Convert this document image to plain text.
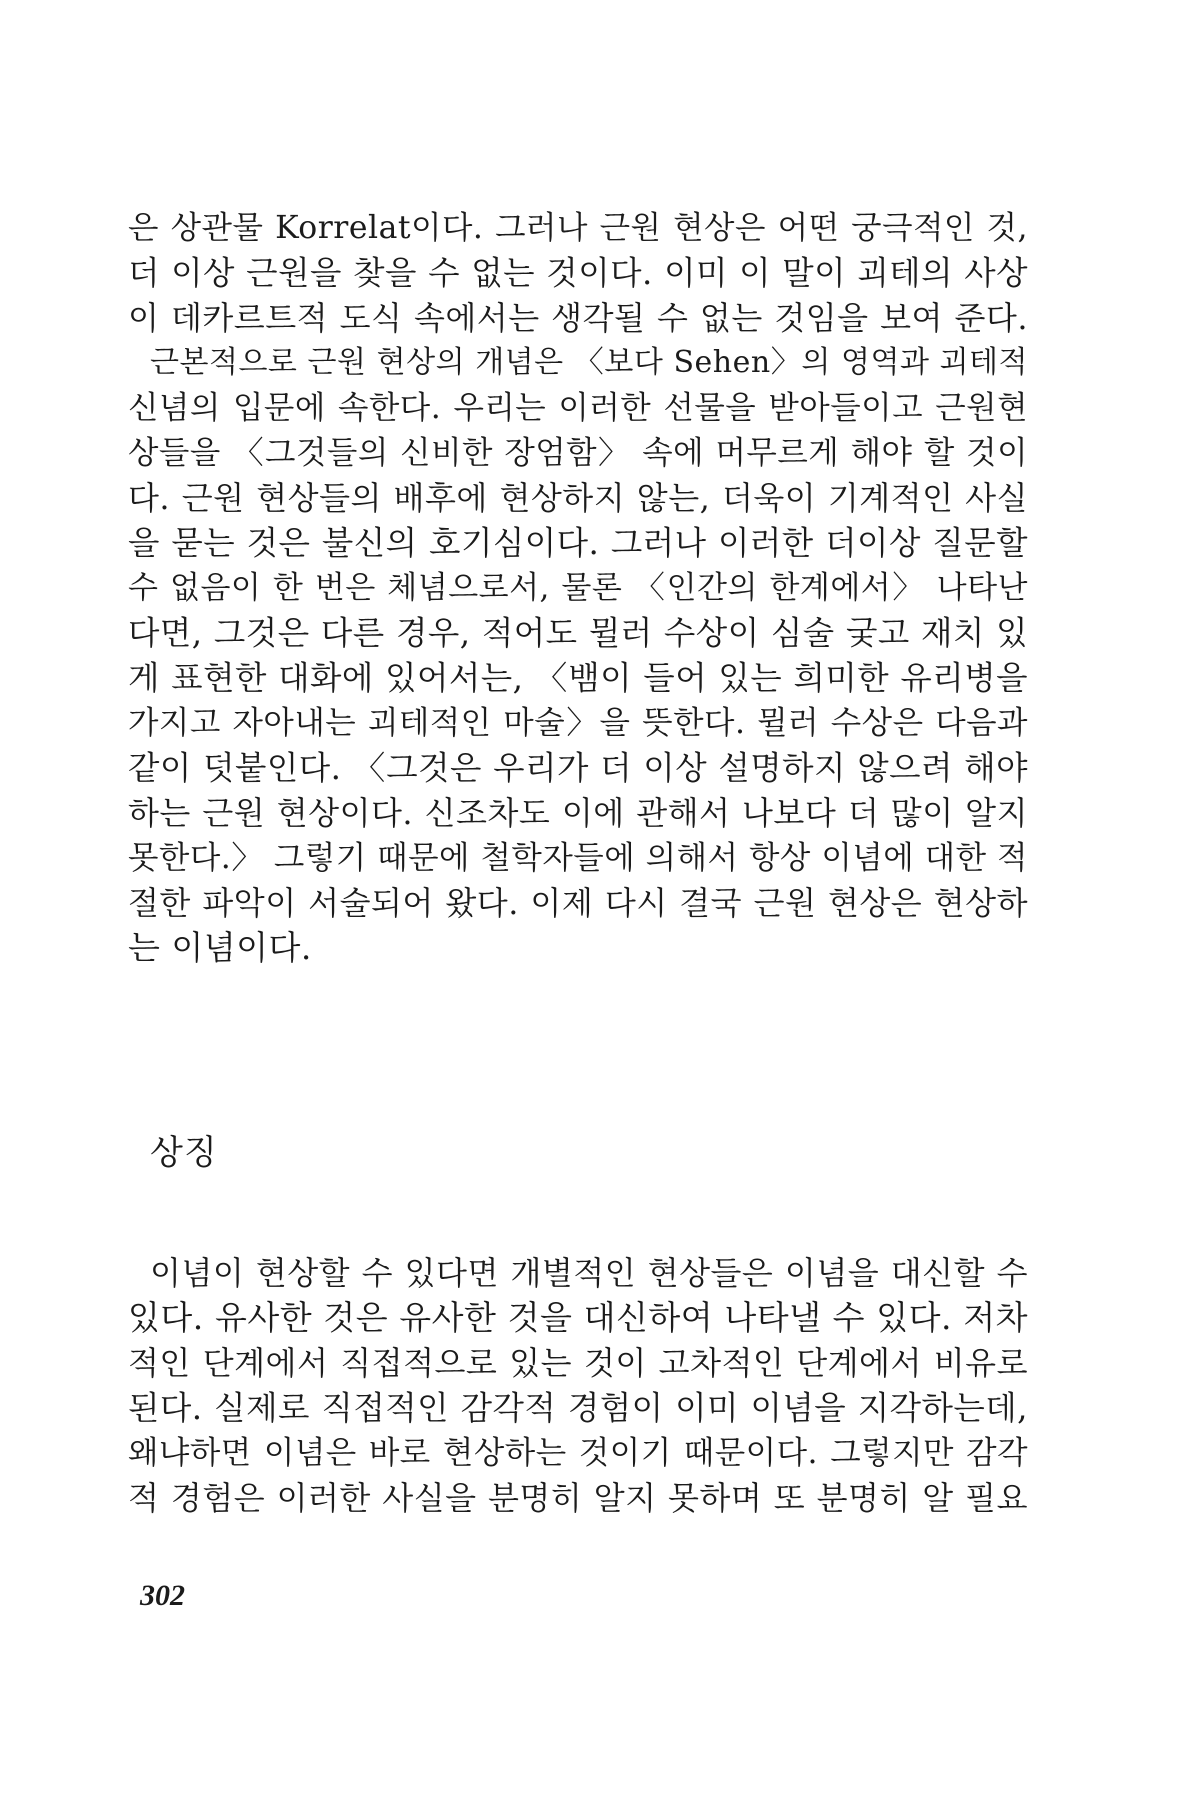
은 상관물 Korrelat이다. 그러나 근원 현상은 어떤 궁극적인 것,
더 이상 근원을 찾을 수 없는 것이다. 이미 이 말이 괴테의 사상
이 데카르트적 도식 속에서는 생각될 수 없는 것임을 보여 준다.
근본적으로 근원 현상의 개념은 〈보다 Sehen〉의 영역과 괴테적
신념의 입문에 속한다. 우리는 이러한 선물을 받아들이고 근원현
상들을 〈그것들의 신비한 장엄함〉 속에 머무르게 해야 할 것이
다. 근원 현상들의 배후에 현상하지 않는, 더욱이 기계적인 사실
을 묻는 것은 불신의 호기심이다. 그러나 이러한 더이상 질문할
수 없음이 한 번은 체념으로서, 물론 〈인간의 한계에서〉 나타난
다면, 그것은 다른 경우, 적어도 뮐러 수상이 심술 궂고 재치 있
게 표현한 대화에 있어서는, 〈뱀이 들어 있는 희미한 유리병을
가지고 자아내는 괴테적인 마술〉을 뜻한다. 뮐러 수상은 다음과
같이 덧붙인다. 〈그것은 우리가 더 이상 설명하지 않으려 해야
하는 근원 현상이다. 신조차도 이에 관해서 나보다 더 많이 알지
못한다.〉 그렇기 때문에 철학자들에 의해서 항상 이념에 대한 적
절한 파악이 서술되어 왔다. 이제 다시 결국 근원 현상은 현상하
는 이념이다.
상징
이념이 현상할 수 있다면 개별적인 현상들은 이념을 대신할 수
있다. 유사한 것은 유사한 것을 대신하여 나타낼 수 있다. 저차
적인 단계에서 직접적으로 있는 것이 고차적인 단계에서 비유로
된다. 실제로 직접적인 감각적 경험이 이미 이념을 지각하는데,
왜냐하면 이념은 바로 현상하는 것이기 때문이다. 그렇지만 감각
적 경험은 이러한 사실을 분명히 알지 못하며 또 분명히 알 필요
302
